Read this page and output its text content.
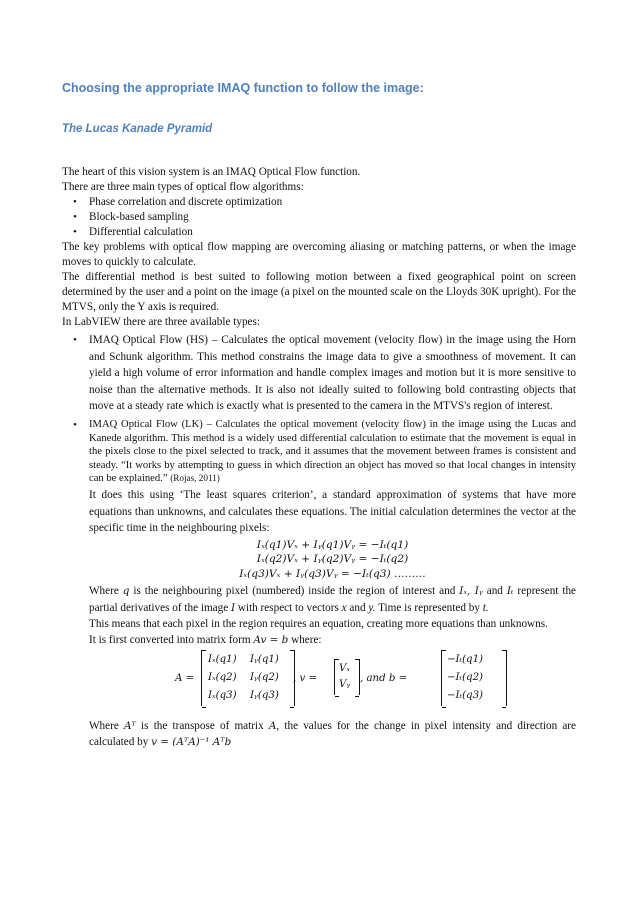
Choosing the appropriate IMAQ function to follow the image:
The Lucas Kanade Pyramid

The heart of this vision system is an IMAQ Optical Flow function.

There are three main types of optical flow algorithms:

• Phase correlation and discrete optimization
• Block-based sampling
• Differential calculation

The key problems with optical flow mapping are overcoming aliasing or matching patterns, or when the image moves to quickly to calculate.

The differential method is best suited to following motion between a fixed geographical point on screen determined by the user and a point on the image (a pixel on the mounted scale on the Lloyds 30K upright). For the MTVS, only the Y axis is required.

In LabVIEW there are three available types:

• IMAQ Optical Flow (HS) – Calculates the optical movement (velocity flow) in the image using the Horn and Schunk algorithm. This method constrains the image data to give a smoothness of movement. It can yield a high volume of error information and handle complex images and motion but it is more sensitive to noise than the alternative methods. It is also not ideally suited to following bold contrasting objects that move at a steady rate which is exactly what is presented to the camera in the MTVS's region of interest.
• IMAQ Optical Flow (LK) – Calculates the optical movement (velocity flow) in the image using the Lucas and Kanede algorithm. This method is a widely used differential calculation to estimate that the movement is equal in the pixels close to the pixel selected to track, and it assumes that the movement between frames is consistent and steady. “It works by attempting to guess in which direction an object has moved so that local changes in intensity can be explained.” (Rojas, 2011)
It does this using ‘The least squares criterion’, a standard approximation of systems that have more equations than unknowns, and calculates these equations. The initial calculation determines the vector at the specific time in the neighbouring pixels:
Iₓ(q1)Vₓ + Iᵧ(q1)Vᵧ = −Iₜ(q1)
Iₓ(q2)Vₓ + Iᵧ(q2)Vᵧ = −Iₜ(q2)
Iₓ(q3)Vₓ + Iᵧ(q3)Vᵧ = −Iₜ(q3) ………

Where q is the neighbouring pixel (numbered) inside the region of interest and Iₓ, Iᵧ and Iₜ represent the partial derivatives of the image I with respect to vectors x and y. Time is represented by t.

This means that each pixel in the region requires an equation, creating more equations than unknowns.

It is first converted into matrix form Av = b where:

A =
Iₓ(q1)
Iₓ(q2)
Iₓ(q3)
Iᵧ(q1)
Iᵧ(q2)
Iᵧ(q3)
, v =
Vₓ
Vᵧ
, and b =
−Iₜ(q1)
−Iₜ(q2)
−Iₜ(q3)

Where Aᵀ is the transpose of matrix A, the values for the change in pixel intensity and direction are calculated by v = (AᵀA)⁻¹ Aᵀb
